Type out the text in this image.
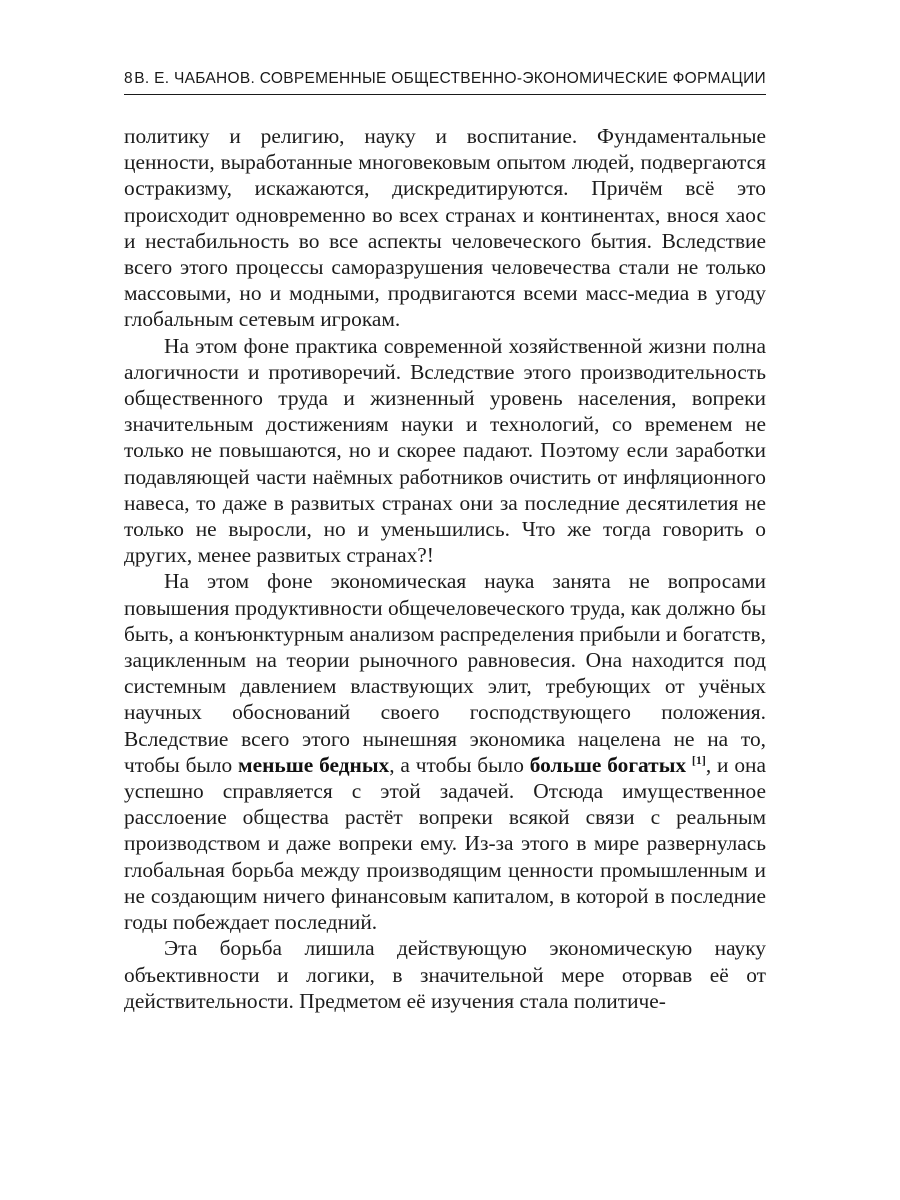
8 В. Е. ЧАБАНОВ. СОВРЕМЕННЫЕ ОБЩЕСТВЕННО-ЭКОНОМИЧЕСКИЕ ФОРМАЦИИ

политику и религию, науку и воспитание. Фундаментальные ценности, выработанные многовековым опытом людей, подвергаются остракизму, искажаются, дискредитируются. Причём всё это происходит одновременно во всех странах и континентах, внося хаос и нестабильность во все аспекты человеческого бытия. Вследствие всего этого процессы саморазрушения человечества стали не только массовыми, но и модными, продвигаются всеми масс-медиа в угоду глобальным сетевым игрокам.

На этом фоне практика современной хозяйственной жизни полна алогичности и противоречий. Вследствие этого производительность общественного труда и жизненный уровень населения, вопреки значительным достижениям науки и технологий, со временем не только не повышаются, но и скорее падают. Поэтому если заработки подавляющей части наёмных работников очистить от инфляционного навеса, то даже в развитых странах они за последние десятилетия не только не выросли, но и уменьшились. Что же тогда говорить о других, менее развитых странах?!

На этом фоне экономическая наука занята не вопросами повышения продуктивности общечеловеческого труда, как должно бы быть, а конъюнктурным анализом распределения прибыли и богатств, зацикленным на теории рыночного равновесия. Она находится под системным давлением властвующих элит, требующих от учёных научных обоснований своего господствующего положения. Вследствие всего этого нынешняя экономика нацелена не на то, чтобы было меньше бедных, а чтобы было больше богатых [1], и она успешно справляется с этой задачей. Отсюда имущественное расслоение общества растёт вопреки всякой связи с реальным производством и даже вопреки ему. Из-за этого в мире развернулась глобальная борьба между производящим ценности промышленным и не создающим ничего финансовым капиталом, в которой в последние годы побеждает последний.

Эта борьба лишила действующую экономическую науку объективности и логики, в значительной мере оторвав её от действительности. Предметом её изучения стала политиче-
